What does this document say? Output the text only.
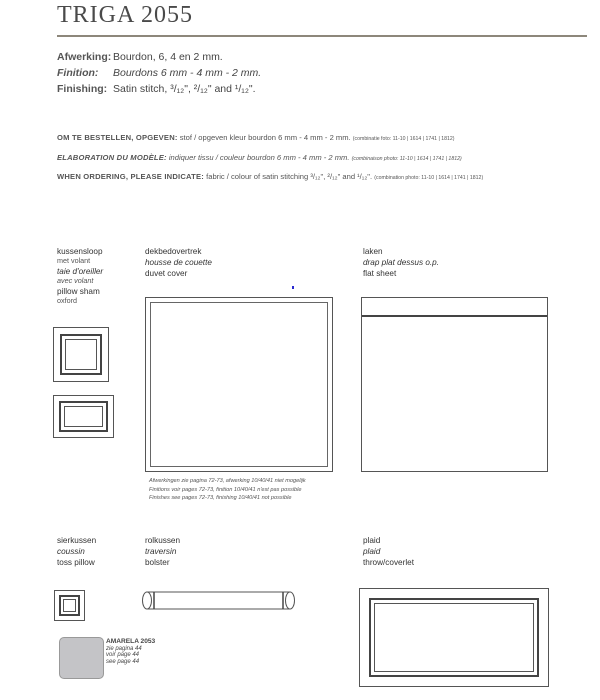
TRIGA 2055
Afwerking: Bourdon, 6, 4 en 2 mm.
Finition: Bourdons 6 mm - 4 mm - 2 mm.
Finishing: Satin stitch, ³/₁₂", ²/₁₂" and ¹/₁₂".
OM TE BESTELLEN, OPGEVEN: stof / opgeven kleur bourdon 6 mm - 4 mm - 2 mm. (combinatie foto: 11-10 | 1614 | 1741 | 1812)
ELABORATION DU MODÈLE: indiquer tissu / couleur bourdon 6 mm - 4 mm - 2 mm. (combinaison photo: 11-10 | 1614 | 1741 | 1812)
WHEN ORDERING, PLEASE INDICATE: fabric / colour of satin stitching ³/₁₂", ²/₁₂" and ¹/₁₂". (combination photo: 11-10 | 1614 | 1741 | 1812)
kussensloop
met volant
taie d'oreiller
avec volant
pillow sham
oxford
dekbedovertrek
housse de couette
duvet cover
Afwerkingen zie pagina 72-73, afwerking 10/40/41 niet mogelijk
Finitions voir pages 72-73, finition 10/40/41 n'est pas possible
Finishes see pages 72-73, finishing 10/40/41 not possible
laken
drap plat dessus o.p.
flat sheet
sierkussen
coussin
toss pillow
AMARELA 2053
zie pagina 44
voir page 44
see page 44
rolkussen
traversin
bolster
plaid
plaid
throw/coverlet
